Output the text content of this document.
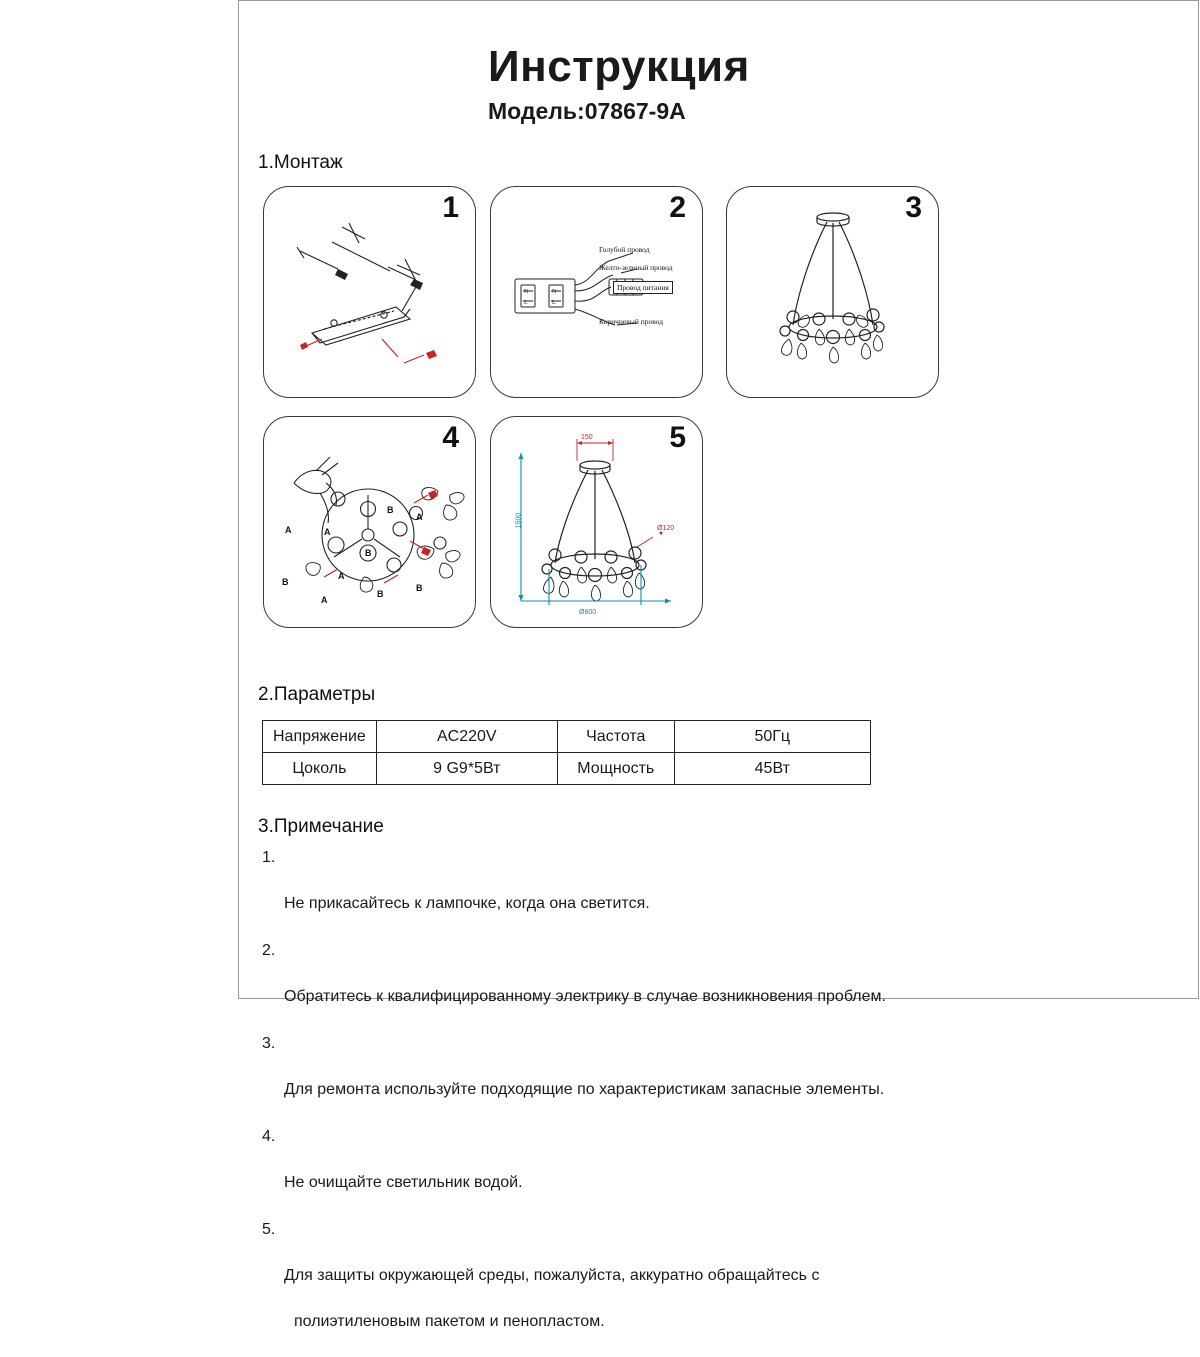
Инструкция
Модель:07867-9A
1.Монтаж
1	2
N
L
N
L
Голубой провод
Желто-зеленый провод
Провод питания
Коричневый провод
3
4
A
B
A
A
B
A
B
A
B
B
5
150
1500
Ø800
Ø120
2.Параметры
Напряжение	AC220V	Частота	50Гц
Цоколь	9 G9*5Вт	Мощность	45Вт
3.Примечание

1.

Не прикасайтесь к лампочке, когда она светится.

2.

Обратитесь к квалифицированному электрику в случае возникновения проблем.

3.

Для ремонта используйте подходящие по характеристикам запасные элементы.

4.

Не очищайте светильник водой.

5.

Для защиты окружающей среды, пожалуйста, аккуратно обращайтесь с

полиэтиленовым пакетом и пенопластом.
